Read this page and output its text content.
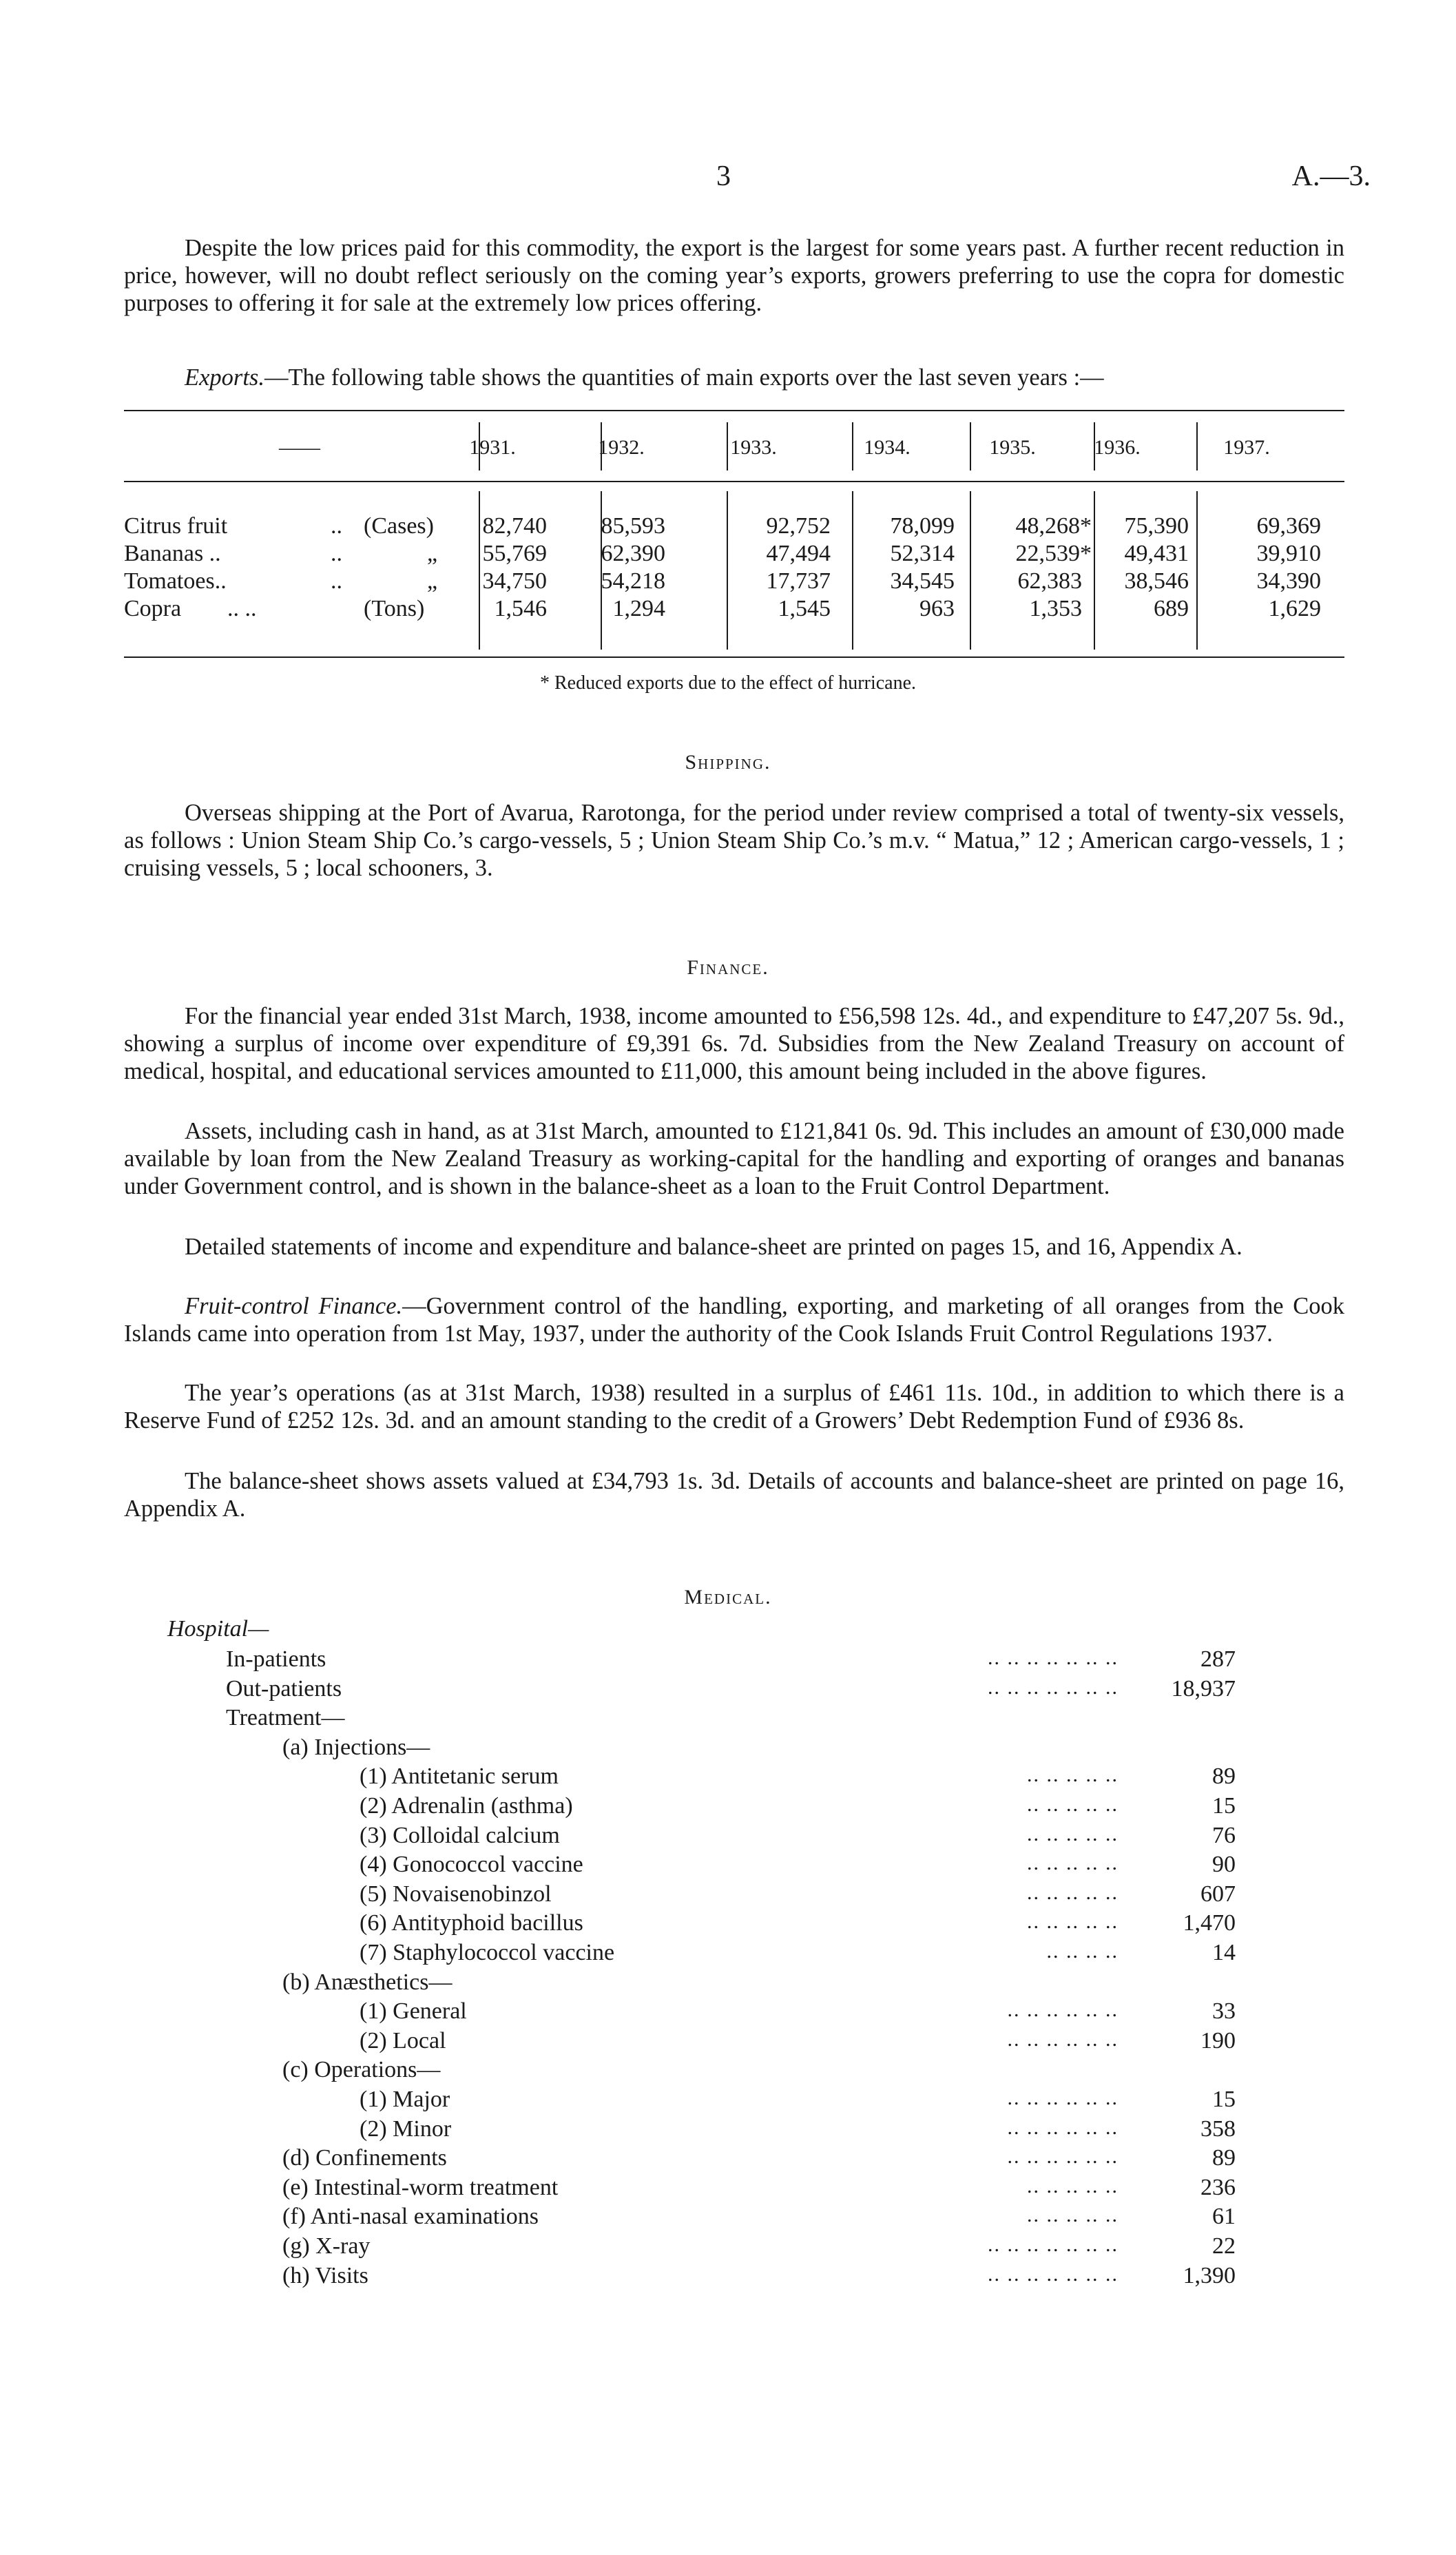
3	A.—3.

Despite the low prices paid for this commodity, the export is the largest for some years past. A further recent reduction in price, however, will no doubt reflect seriously on the coming year’s exports, growers preferring to use the copra for domestic purposes to offering it for sale at the extremely low prices offering.

Exports.—The following table shows the quantities of main exports over the last seven years :—

——	1931.	1932.	1933.	1934.	1935.	1936.	1937.
Citrus fruit	.. (Cases)	82,740	85,593	92,752	78,099	48,268*	75,390	69,369
Bananas ..	..	„	55,769	62,390	47,494	52,314	22,539*	49,431	39,910
Tomatoes..	..	„	34,750	54,218	17,737	34,545	62,383	38,546	34,390
Copra .. ..	(Tons)	1,546	1,294	1,545	963	1,353	689	1,629
* Reduced exports due to the effect of hurricane.
Shipping.

Overseas shipping at the Port of Avarua, Rarotonga, for the period under review comprised a total of twenty-six vessels, as follows : Union Steam Ship Co.’s cargo-vessels, 5 ; Union Steam Ship Co.’s m.v. “ Matua,” 12 ; American cargo-vessels, 1 ; cruising vessels, 5 ; local schooners, 3.

Finance.

For the financial year ended 31st March, 1938, income amounted to £56,598 12s. 4d., and expenditure to £47,207 5s. 9d., showing a surplus of income over expenditure of £9,391 6s. 7d. Subsidies from the New Zealand Treasury on account of medical, hospital, and educational services amounted to £11,000, this amount being included in the above figures.

Assets, including cash in hand, as at 31st March, amounted to £121,841 0s. 9d. This includes an amount of £30,000 made available by loan from the New Zealand Treasury as working-capital for the handling and exporting of oranges and bananas under Government control, and is shown in the balance-sheet as a loan to the Fruit Control Department.

Detailed statements of income and expenditure and balance-sheet are printed on pages 15, and 16, Appendix A.

Fruit-control Finance.—Government control of the handling, exporting, and marketing of all oranges from the Cook Islands came into operation from 1st May, 1937, under the authority of the Cook Islands Fruit Control Regulations 1937.

The year’s operations (as at 31st March, 1938) resulted in a surplus of £461 11s. 10d., in addition to which there is a Reserve Fund of £252 12s. 3d. and an amount standing to the credit of a Growers’ Debt Redemption Fund of £936 8s.

The balance-sheet shows assets valued at £34,793 1s. 3d. Details of accounts and balance-sheet are printed on page 16, Appendix A.

Medical.
Hospital—
In-patients	.. .. .. .. .. .. ..	287
Out-patients	.. .. .. .. .. .. .. 18,937
Treatment—
(a) Injections—
(1) Antitetanic serum	.. .. .. .. ..	89
(2) Adrenalin (asthma)	.. .. .. .. ..	15
(3) Colloidal calcium	.. .. .. .. ..	76
(4) Gonococcol vaccine	.. .. .. .. ..	90
(5) Novaisenobinzol	.. .. .. .. ..	607
(6) Antityphoid bacillus	.. .. .. .. ..	1,470
(7) Staphylococcol vaccine	.. .. .. ..	14
(b) Anæsthetics—
(1) General	.. .. .. .. .. ..	33
(2) Local	.. .. .. .. .. ..	190
(c) Operations—
(1) Major	.. .. .. .. .. ..	15
(2) Minor	.. .. .. .. .. ..	358
(d) Confinements	.. .. .. .. .. ..	89
(e) Intestinal-worm treatment	.. .. .. .. ..	236
(f) Anti-nasal examinations	.. .. .. .. ..	61
(g) X-ray	.. .. .. .. .. .. ..	22
(h) Visits	.. .. .. .. .. .. ..	1,390
